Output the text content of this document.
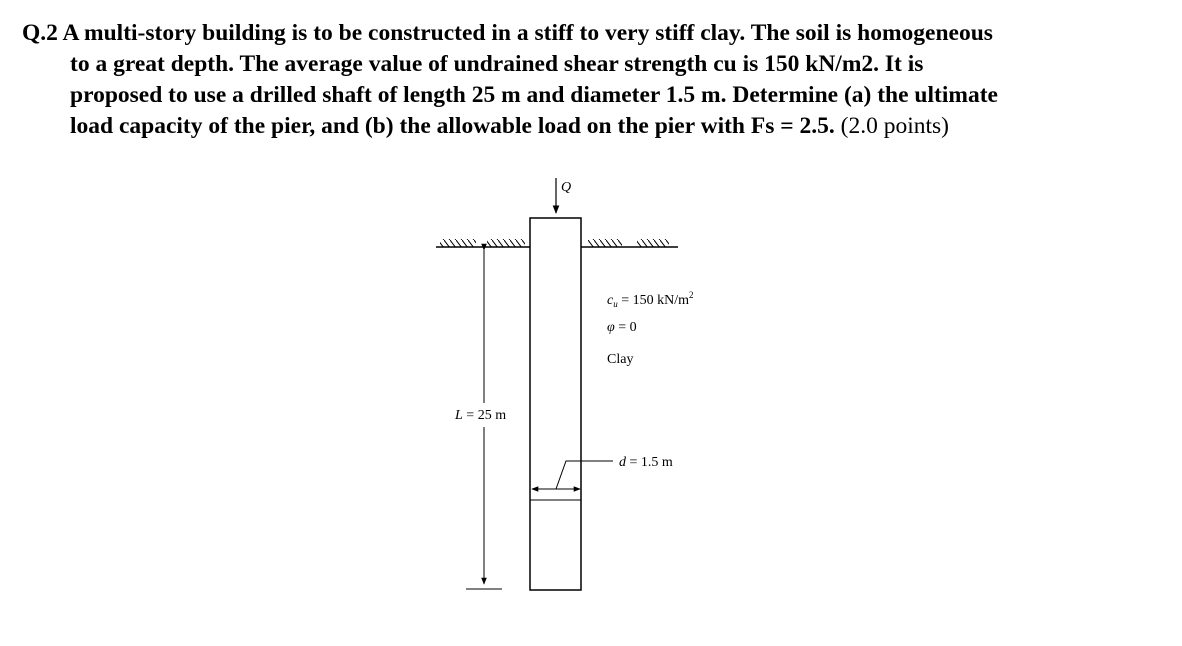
Q.2 A multi-story building is to be constructed in a stiff to very stiff clay. The soil is homogeneous
to a great depth. The average value of undrained shear strength cu is 150 kN/m2. It is
proposed to use a drilled shaft of length 25 m and diameter 1.5 m. Determine (a) the ultimate
load capacity of the pier, and (b) the allowable load on the pier with Fs = 2.5. (2.0 points)
Q
$c_u = 150$ $kN/m^2$
φ = 0
Clay
L = 25 m
d = 1.5 m
